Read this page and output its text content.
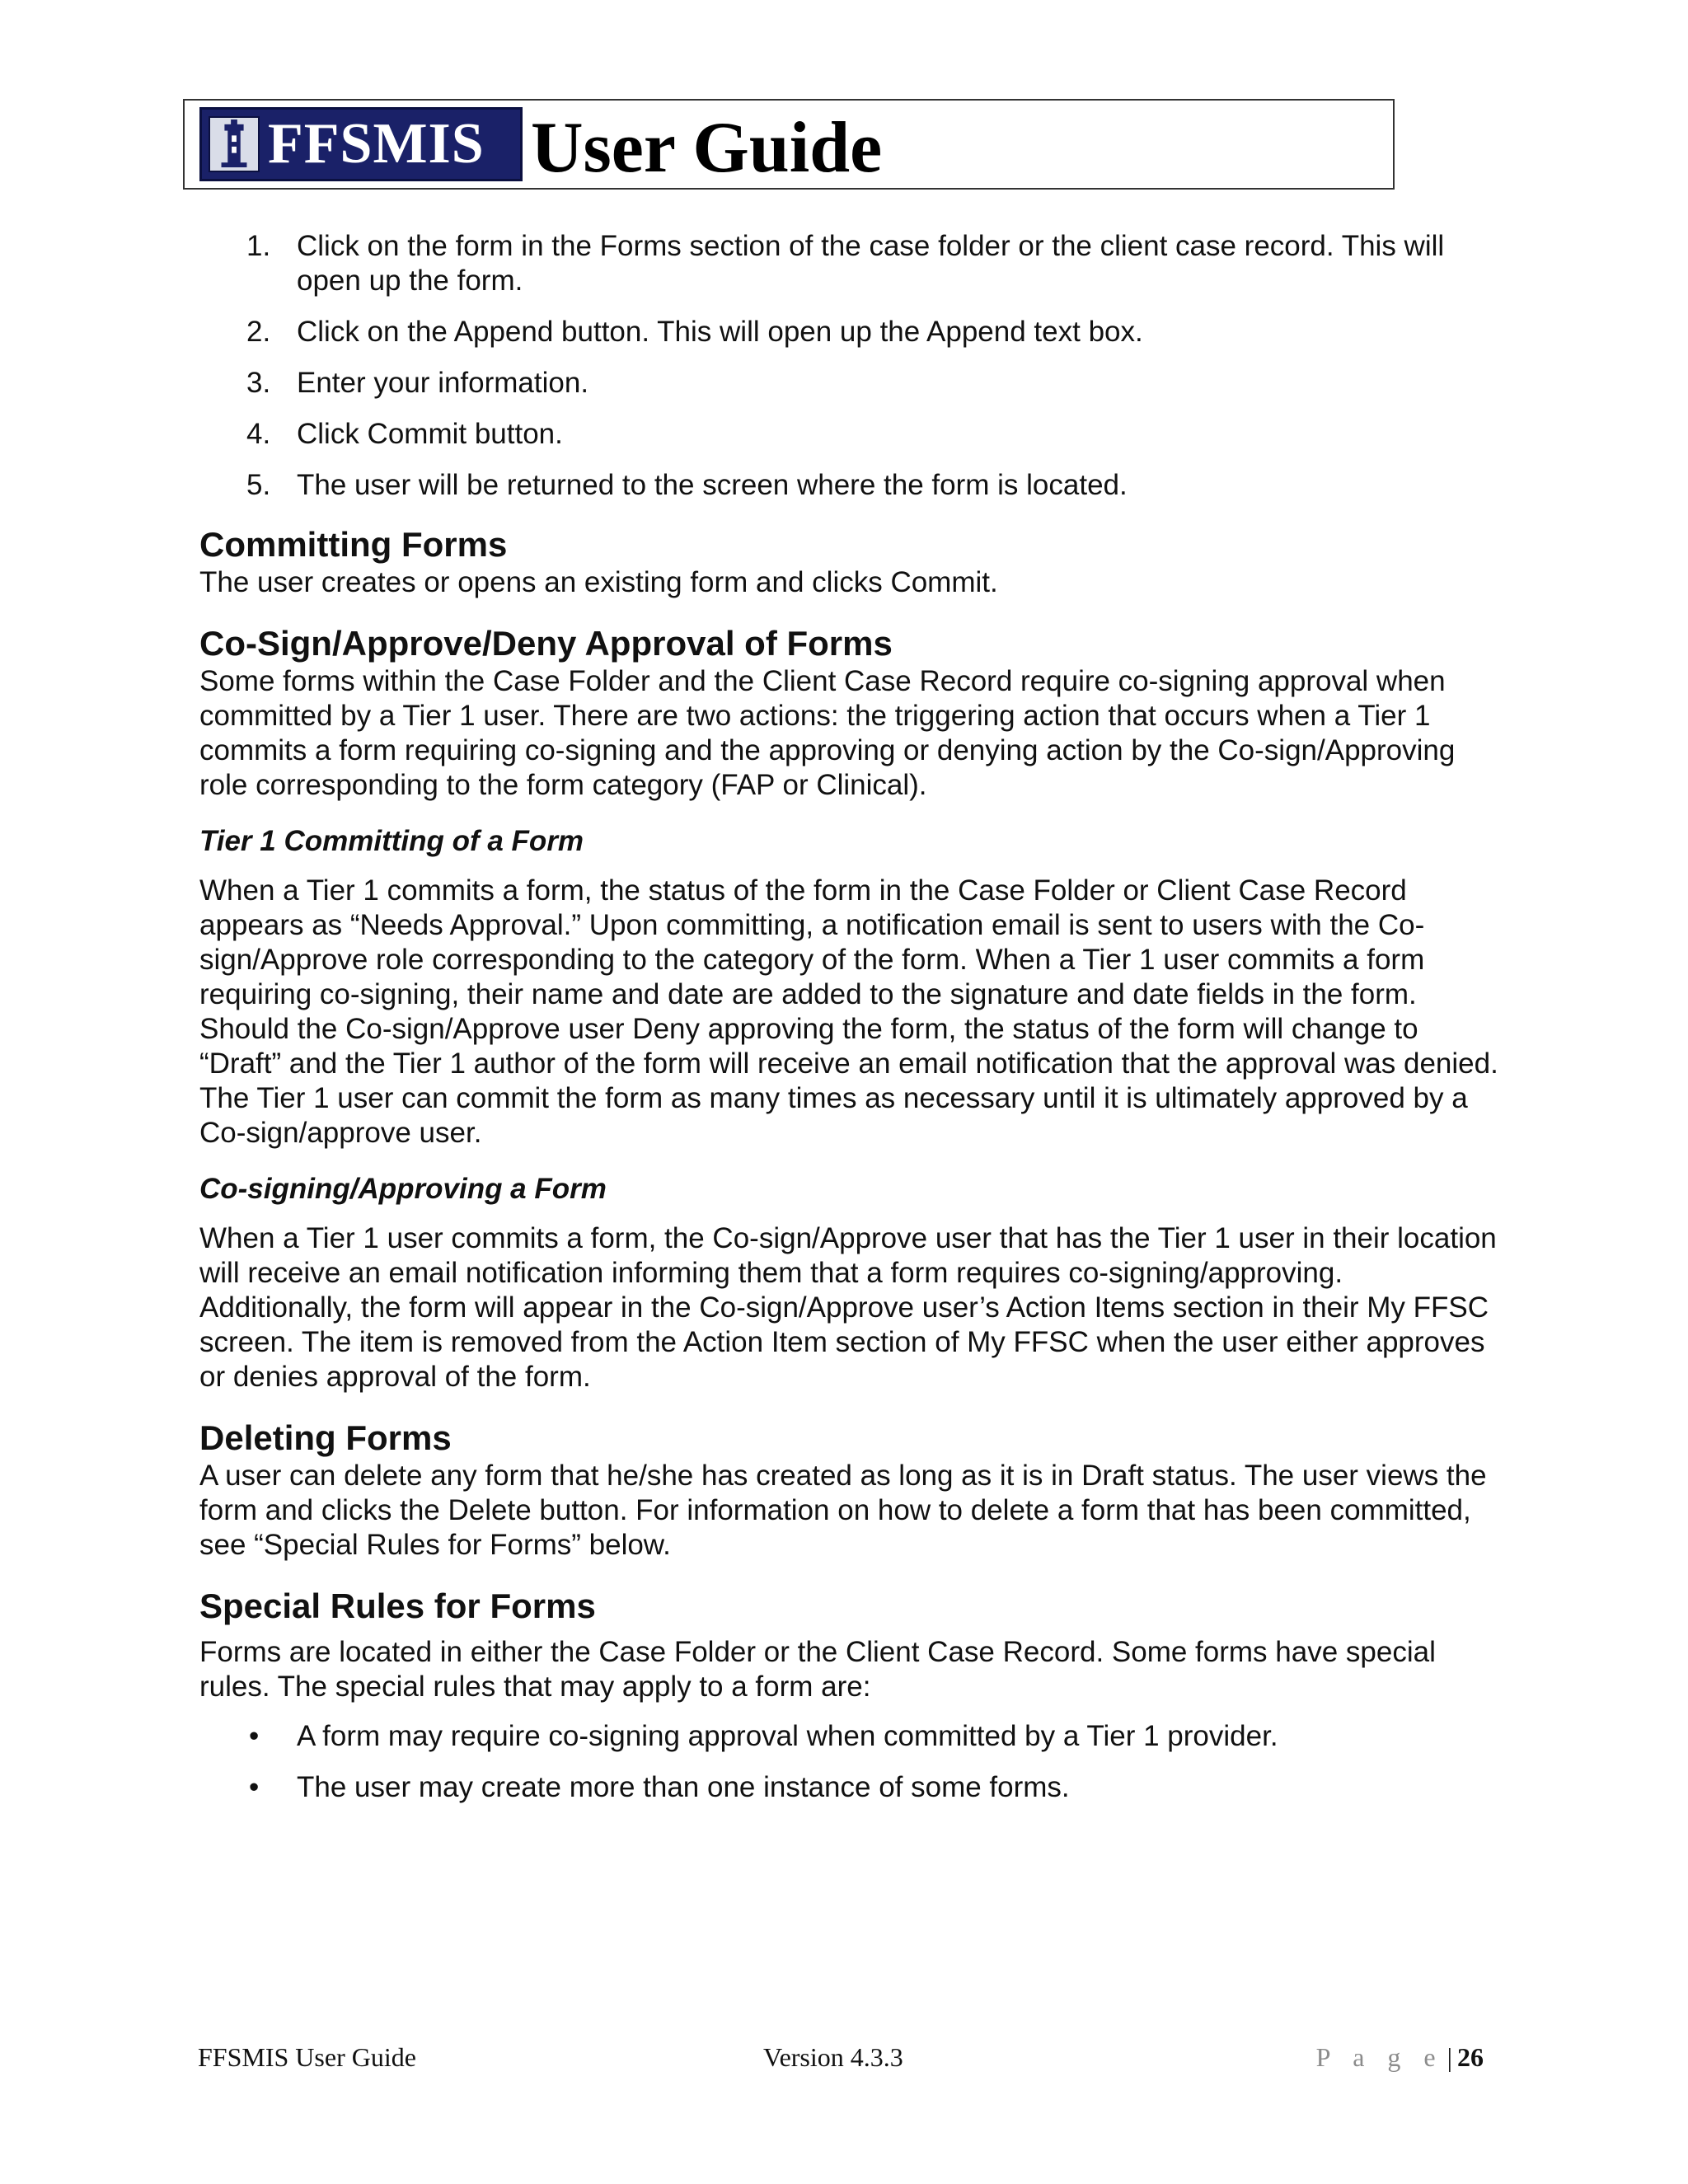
FFSMIS User Guide
1. Click on the form in the Forms section of the case folder or the client case record. This will open up the form.
2. Click on the Append button. This will open up the Append text box.
3. Enter your information.
4. Click Commit button.
5. The user will be returned to the screen where the form is located.
Committing Forms

The user creates or opens an existing form and clicks Commit.

Co-Sign/Approve/Deny Approval of Forms

Some forms within the Case Folder and the Client Case Record require co-signing approval when committed by a Tier 1 user. There are two actions: the triggering action that occurs when a Tier 1 commits a form requiring co-signing and the approving or denying action by the Co-sign/Approving role corresponding to the form category (FAP or Clinical).

Tier 1 Committing of a Form

When a Tier 1 commits a form, the status of the form in the Case Folder or Client Case Record appears as “Needs Approval.” Upon committing, a notification email is sent to users with the Co-sign/Approve role corresponding to the category of the form. When a Tier 1 user commits a form requiring co-signing, their name and date are added to the signature and date fields in the form. Should the Co-sign/Approve user Deny approving the form, the status of the form will change to “Draft” and the Tier 1 author of the form will receive an email notification that the approval was denied. The Tier 1 user can commit the form as many times as necessary until it is ultimately approved by a Co-sign/approve user.

Co-signing/Approving a Form

When a Tier 1 user commits a form, the Co-sign/Approve user that has the Tier 1 user in their location will receive an email notification informing them that a form requires co-signing/approving. Additionally, the form will appear in the Co-sign/Approve user’s Action Items section in their My FFSC screen. The item is removed from the Action Item section of My FFSC when the user either approves or denies approval of the form.

Deleting Forms

A user can delete any form that he/she has created as long as it is in Draft status. The user views the form and clicks the Delete button. For information on how to delete a form that has been committed, see “Special Rules for Forms” below.

Special Rules for Forms

Forms are located in either the Case Folder or the Client Case Record. Some forms have special rules. The special rules that may apply to a form are:

• A form may require co-signing approval when committed by a Tier 1 provider.
• The user may create more than one instance of some forms.
FFSMIS User Guide	Version 4.3.3	P a g e | 26
